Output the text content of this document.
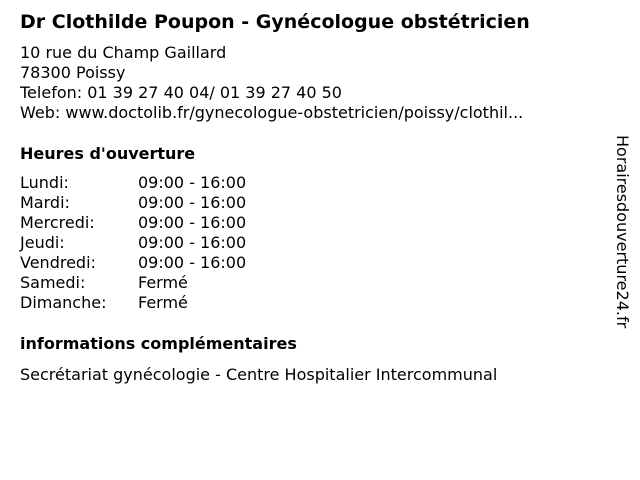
Dr Clothilde Poupon - Gynécologue obstétricien
10 rue du Champ Gaillard
78300 Poissy
Telefon: 01 39 27 40 04/ 01 39 27 40 50
Web: www.doctolib.fr/gynecologue-obstetricien/poissy/clothil...
Heures d'ouverture
Lundi:	09:00 - 16:00
Mardi:	09:00 - 16:00
Mercredi:	09:00 - 16:00
Jeudi:	09:00 - 16:00
Vendredi:	09:00 - 16:00
Samedi:	Fermé
Dimanche: Fermé
informations complémentaires
Secrétariat gynécologie - Centre Hospitalier Intercommunal
Horairesdouverture24.fr
